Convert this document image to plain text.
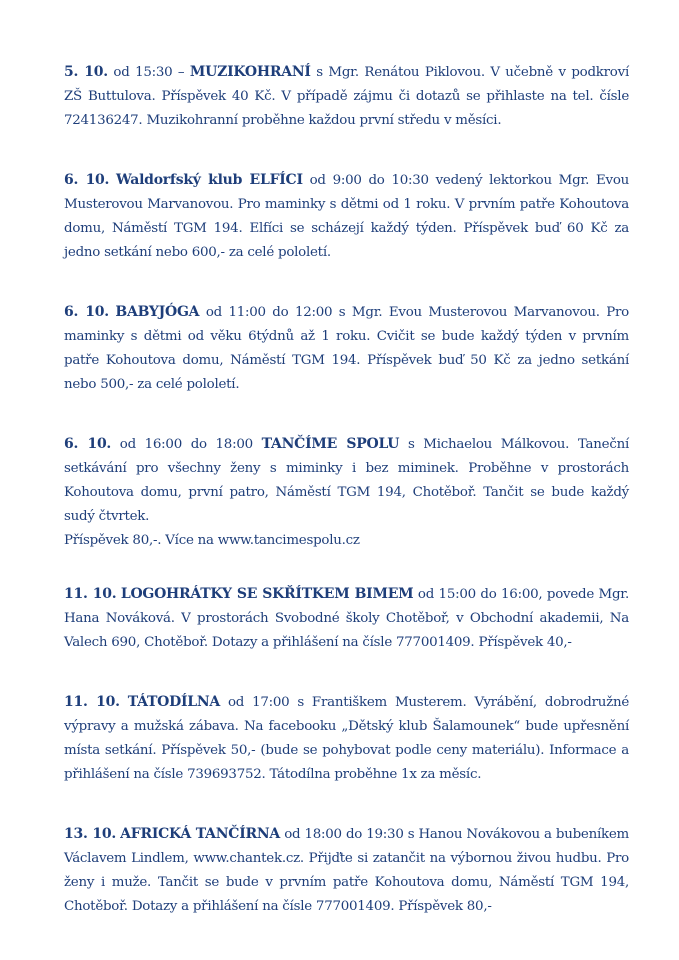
5. 10. od 15:30 – MUZIKOHRANÍ s Mgr. Renátou Piklovou. V učebně v podkroví ZŠ Buttulova. Příspěvek 40 Kč. V případě zájmu či dotazů se přihlaste na tel. čísle 724136247. Muzikohranní proběhne každou první středu v měsíci.

6. 10. Waldorfský klub ELFÍCI od 9:00 do 10:30 vedený lektorkou Mgr. Evou Musterovou Marvanovou. Pro maminky s dětmi od 1 roku. V prvním patře Kohoutova domu, Náměstí TGM 194. Elfíci se scházejí každý týden. Příspěvek buď 60 Kč za jedno setkání nebo 600,- za celé pololetí.

6. 10. BABYJÓGA od 11:00 do 12:00 s Mgr. Evou Musterovou Marvanovou. Pro maminky s dětmi od věku 6týdnů až 1 roku. Cvičit se bude každý týden v prvním patře Kohoutova domu, Náměstí TGM 194. Příspěvek buď 50 Kč za jedno setkání nebo 500,- za celé pololetí.

6. 10. od 16:00 do 18:00 TANČÍME SPOLU s Michaelou Málkovou. Taneční setkávání pro všechny ženy s miminky i bez miminek. Proběhne v prostorách Kohoutova domu, první patro, Náměstí TGM 194, Chotěboř. Tančit se bude každý sudý čtvrtek.
Příspěvek 80,-. Více na www.tancimespolu.cz

11. 10. LOGOHRÁTKY SE SKŘÍTKEM BIMEM od 15:00 do 16:00, povede Mgr. Hana Nováková. V prostorách Svobodné školy Chotěboř, v Obchodní akademii, Na Valech 690, Chotěboř. Dotazy a přihlášení na čísle 777001409. Příspěvek 40,-

11. 10. TÁTODÍLNA od 17:00 s Františkem Musterem. Vyrábění, dobrodružné výpravy a mužská zábava. Na facebooku „Dětský klub Šalamounek“ bude upřesnění místa setkání. Příspěvek 50,- (bude se pohybovat podle ceny materiálu). Informace a přihlášení na čísle 739693752. Tátodílna proběhne 1x za měsíc.

13. 10. AFRICKÁ TANČÍRNA od 18:00 do 19:30 s Hanou Novákovou a bubeníkem Václavem Lindlem, www.chantek.cz. Přijďte si zatančit na výbornou živou hudbu. Pro ženy i muže. Tančit se bude v prvním patře Kohoutova domu, Náměstí TGM 194, Chotěboř. Dotazy a přihlášení na čísle 777001409. Příspěvek 80,-
